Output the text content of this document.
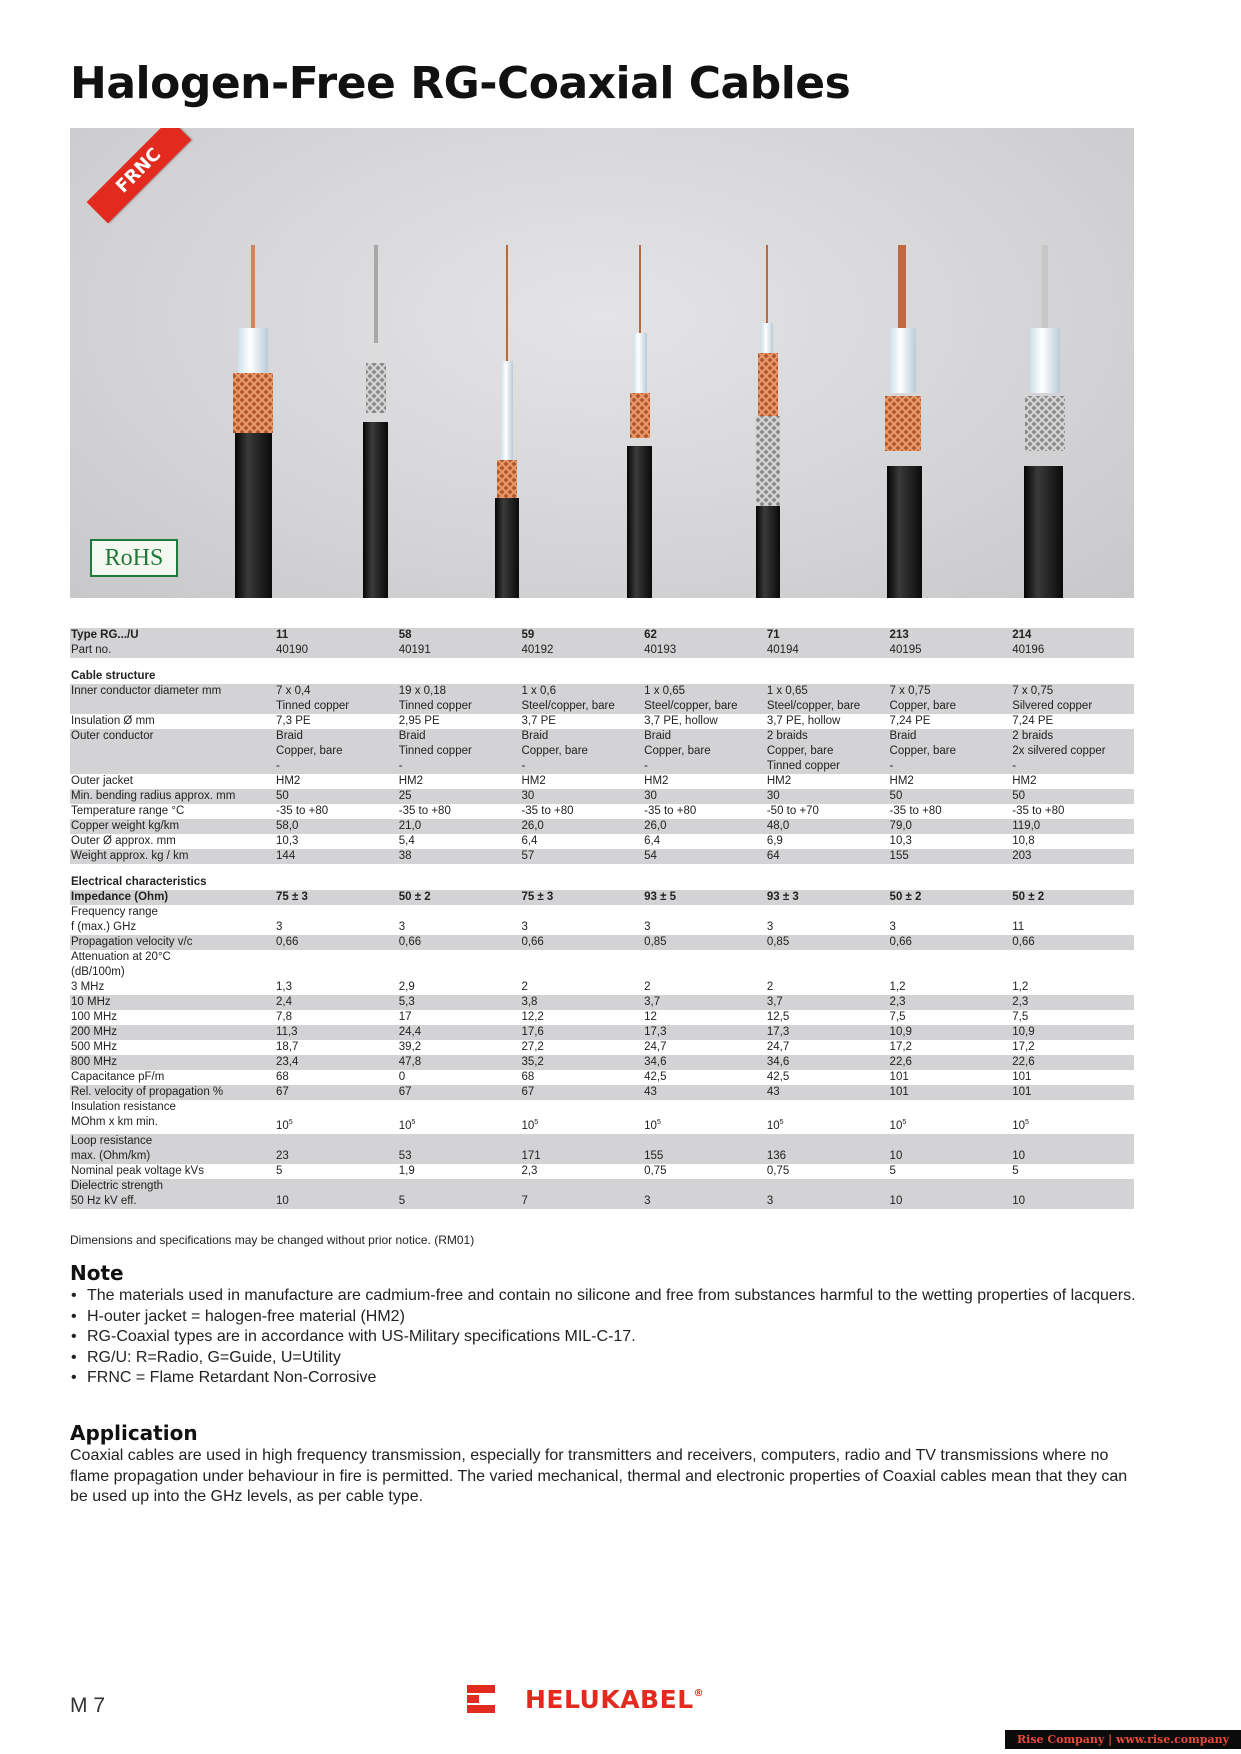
Halogen-Free RG-Coaxial Cables
FRNC
RoHS
Type RG.../U	11	58	59	62	71	213	214
Part no.	40190	40191	40192	40193	40194	40195	40196
Cable structure							
Inner conductor diameter mm	7 x 0,4	19 x 0,18	1 x 0,6	1 x 0,65	1 x 0,65	7 x 0,75	7 x 0,75
	Tinned copper	Tinned copper	Steel/copper, bare	Steel/copper, bare	Steel/copper, bare	Copper, bare	Silvered copper
Insulation Ø mm	7,3 PE	2,95 PE	3,7 PE	3,7 PE, hollow	3,7 PE, hollow	7,24 PE	7,24 PE
Outer conductor	Braid	Braid	Braid	Braid	2 braids	Braid	2 braids
	Copper, bare	Tinned copper	Copper, bare	Copper, bare	Copper, bare	Copper, bare	2x silvered copper
	-	-	-	-	Tinned copper	-	-
Outer jacket	HM2	HM2	HM2	HM2	HM2	HM2	HM2
Min. bending radius approx. mm	50	25	30	30	30	50	50
Temperature range °C	-35 to +80	-35 to +80	-35 to +80	-35 to +80	-50 to +70	-35 to +80	-35 to +80
Copper weight kg/km	58,0	21,0	26,0	26,0	48,0	79,0	119,0
Outer Ø approx. mm	10,3	5,4	6,4	6,4	6,9	10,3	10,8
Weight approx. kg / km	144	38	57	54	64	155	203
Electrical characteristics							
Impedance (Ohm)	75 ± 3	50 ± 2	75 ± 3	93 ± 5	93 ± 3	50 ± 2	50 ± 2
Frequency range							
f (max.) GHz	3	3	3	3	3	3	11
Propagation velocity v/c	0,66	0,66	0,66	0,85	0,85	0,66	0,66
Attenuation at 20°C							
(dB/100m)							
3 MHz	1,3	2,9	2	2	2	1,2	1,2
10 MHz	2,4	5,3	3,8	3,7	3,7	2,3	2,3
100 MHz	7,8	17	12,2	12	12,5	7,5	7,5
200 MHz	11,3	24,4	17,6	17,3	17,3	10,9	10,9
500 MHz	18,7	39,2	27,2	24,7	24,7	17,2	17,2
800 MHz	23,4	47,8	35,2	34,6	34,6	22,6	22,6
Capacitance pF/m	68	0	68	42,5	42,5	101	101
Rel. velocity of propagation %	67	67	67	43	43	101	101
Insulation resistance							
MOhm x km min.	$10^5$	$10^5$	$10^5$	$10^5$	$10^5$	$10^5$	$10^5$
Loop resistance							
max. (Ohm/km)	23	53	171	155	136	10	10
Nominal peak voltage kVs	5	1,9	2,3	0,75	0,75	5	5
Dielectric strength							
50 Hz kV eff.	10	5	7	3	3	10	10
Dimensions and specifications may be changed without prior notice. (RM01)
Note
• The materials used in manufacture are cadmium-free and contain no silicone and free from substances harmful to the wetting properties of lacquers.
• H-outer jacket = halogen-free material (HM2)
• RG-Coaxial types are in accordance with US-Military specifications MIL-C-17.
• RG/U: R=Radio, G=Guide, U=Utility
• FRNC = Flame Retardant Non-Corrosive
Application

Coaxial cables are used in high frequency transmission, especially for transmitters and receivers, computers, radio and TV transmissions where no flame propagation under behaviour in fire is permitted. The varied mechanical, thermal and electronic properties of Coaxial cables mean that they can be used up into the GHz levels, as per cable type.

M 7	HELUKABEL®
Rise Company | www.rise.company
